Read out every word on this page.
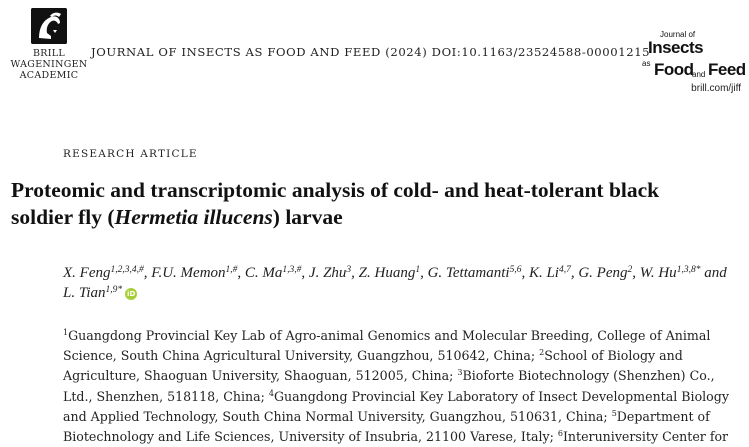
BRILL
WAGENINGEN
ACADEMIC
JOURNAL OF INSECTS AS FOOD AND FEED (2024) DOI:10.1163/23524588-00001215
Journal of
Insects
as Food
and Feed
brill.com/jiff
RESEARCH ARTICLE
Proteomic and transcriptomic analysis of cold- and heat-tolerant black soldier fly (Hermetia illucens) larvae
X. Feng$^{1,2,3,4,\#}$, F.U. Memon$^{1,\#}$, C. $Ma^{1,3,\#}$, J. Zhu$^3$, Z. Huang$^1$, G. Tettamanti$^{5,6}$, K. Li$^{4,7}$, G. Peng$^2$, W. $Hu^{1,3,8*}$ and
L. Tian$^{1,9*}$ iD
$^1$Guangdong Provincial Key Lab of Agro-animal Genomics and Molecular Breeding, College of Animal Science, South China Agricultural University, Guangzhou, 510642, China; $^2$School of Biology and Agriculture, Shaoguan University, Shaoguan, 512005, China; $^3$Bioforte Biotechnology (Shenzhen) Co., Ltd., Shenzhen, 518118, China; $^4$Guangdong Provincial Key Laboratory of Insect Developmental Biology and Applied Technology, South China Normal University, Guangzhou, 510631, China; $^5$Department of Biotechnology and Life Sciences, University of Insubria, 21100 Varese, Italy; $^6$Interuniversity Center for
